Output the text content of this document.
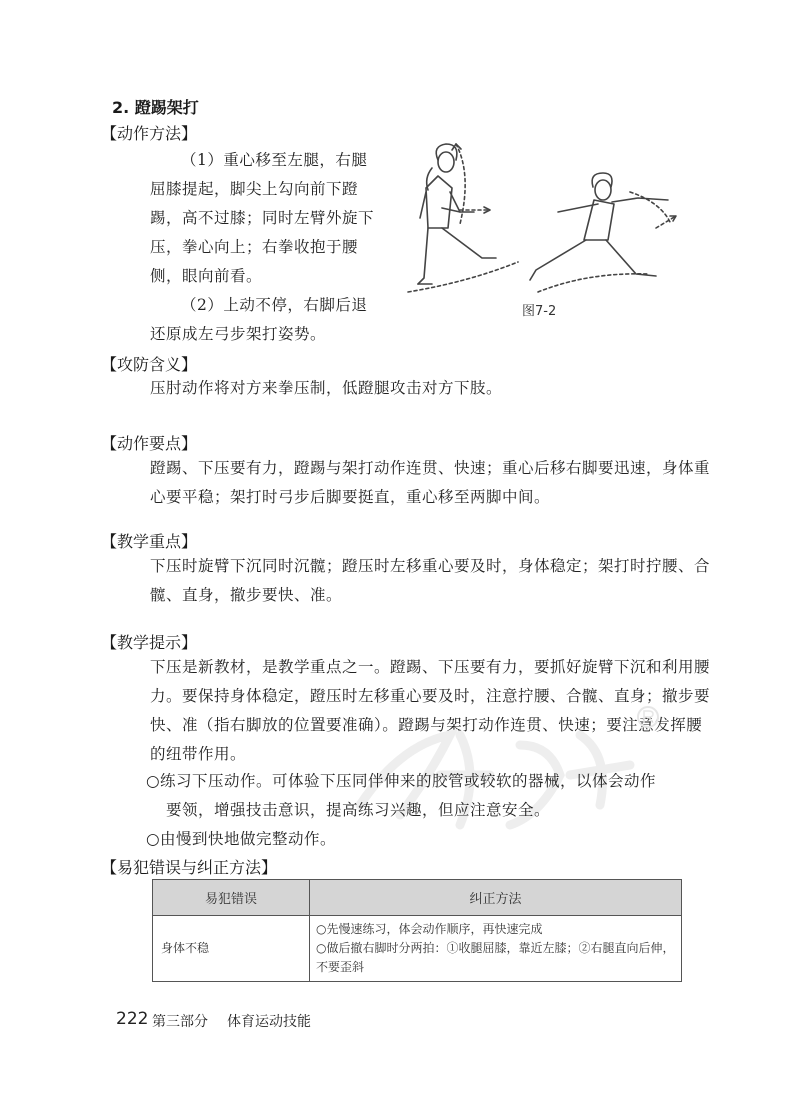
2. 蹬踢架打
【动作方法】
（1）重心移至左腿，右腿屈膝提起，脚尖上勾向前下蹬踢，高不过膝；同时左臂外旋下压，拳心向上；右拳收抱于腰侧，眼向前看。
（2）上动不停，右脚后退还原成左弓步架打姿势。
图7-2
【攻防含义】
压肘动作将对方来拳压制，低蹬腿攻击对方下肢。
【动作要点】
蹬踢、下压要有力，蹬踢与架打动作连贯、快速；重心后移右脚要迅速，身体重心要平稳；架打时弓步后脚要挺直，重心移至两脚中间。
【教学重点】
下压时旋臂下沉同时沉髋；蹬压时左移重心要及时，身体稳定；架打时拧腰、合髋、直身，撤步要快、准。
【教学提示】
下压是新教材，是教学重点之一。蹬踢、下压要有力，要抓好旋臂下沉和利用腰力。要保持身体稳定，蹬压时左移重心要及时，注意拧腰、合髋、直身；撤步要快、准（指右脚放的位置要准确）。蹬踢与架打动作连贯、快速；要注意发挥腰的纽带作用。
○练习下压动作。可体验下压同伴伸来的胶管或较软的器械，以体会动作
要领，增强技击意识，提高练习兴趣，但应注意安全。
○由慢到快地做完整动作。
【易犯错误与纠正方法】
易犯错误	纠正方法
身体不稳	○先慢速练习，体会动作顺序，再快速完成
○做后撤右脚时分两拍：①收腿屈膝，靠近左膝；②右腿直向后伸，不要歪斜
222 第三部分 体育运动技能
